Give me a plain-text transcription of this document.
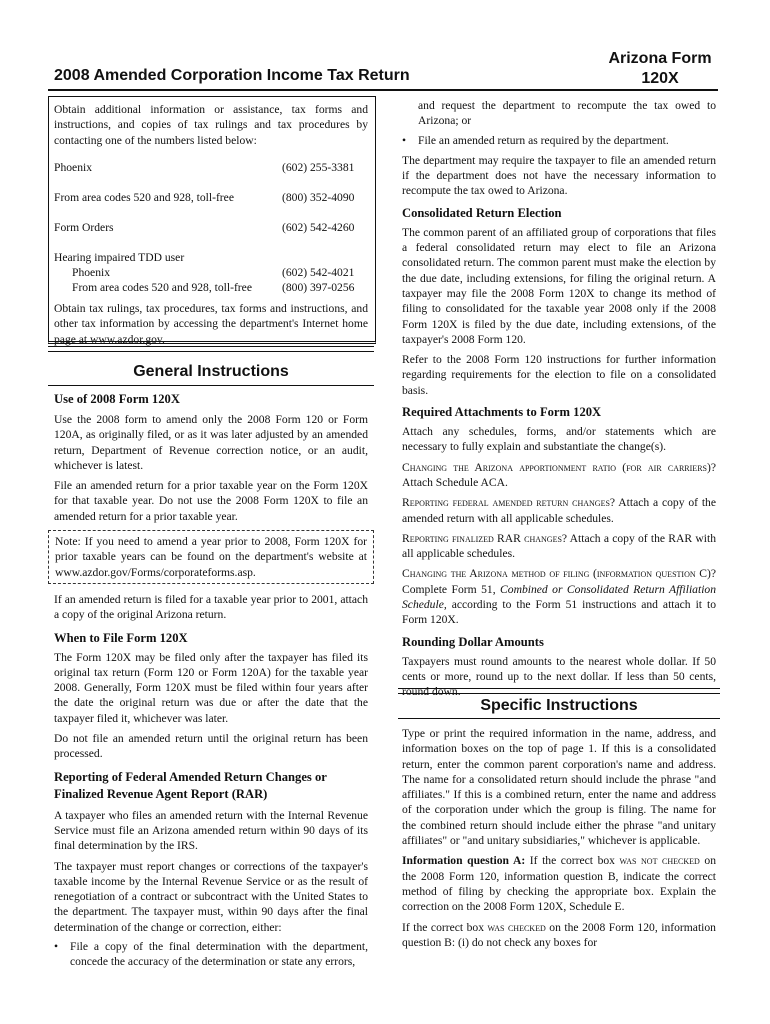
2008 Amended Corporation Income Tax Return
Arizona Form
120X

Obtain additional information or assistance, tax forms and instructions, and copies of tax rulings and tax procedures by contacting one of the numbers listed below:

Phoenix	(602) 255-3381
From area codes 520 and 928, toll-free	(800) 352-4090
Form Orders	(602) 542-4260
Hearing impaired TDD user
Phoenix	(602) 542-4021
From area codes 520 and 928, toll-free	(800) 397-0256

Obtain tax rulings, tax procedures, tax forms and instructions, and other tax information by accessing the department's Internet home page at www.azdor.gov.

General Instructions
Use of 2008 Form 120X

Use the 2008 form to amend only the 2008 Form 120 or Form 120A, as originally filed, or as it was later adjusted by an amended return, Department of Revenue correction notice, or an audit, whichever is latest.

File an amended return for a prior taxable year on the Form 120X for that taxable year. Do not use the 2008 Form 120X to file an amended return for a prior taxable year.

Note: If you need to amend a year prior to 2008, Form 120X for prior taxable years can be found on the department's website at www.azdor.gov/Forms/corporateforms.asp.

If an amended return is filed for a taxable year prior to 2001, attach a copy of the original Arizona return.

When to File Form 120X

The Form 120X may be filed only after the taxpayer has filed its original tax return (Form 120 or Form 120A) for the taxable year 2008. Generally, Form 120X must be filed within four years after the date the original return was due or after the date that the taxpayer filed it, whichever was later.

Do not file an amended return until the original return has been processed.

Reporting of Federal Amended Return Changes or Finalized Revenue Agent Report (RAR)

A taxpayer who files an amended return with the Internal Revenue Service must file an Arizona amended return within 90 days of its final determination by the IRS.

The taxpayer must report changes or corrections of the taxpayer's taxable income by the Internal Revenue Service or as the result of renegotiation of a contract or subcontract with the United States to the department. The taxpayer must, within 90 days after the final determination of the change or correction, either:

• File a copy of the final determination with the department, concede the accuracy of the determination or state any errors,

and request the department to recompute the tax owed to Arizona; or

• File an amended return as required by the department.

The department may require the taxpayer to file an amended return if the department does not have the necessary information to recompute the tax owed to Arizona.

Consolidated Return Election

The common parent of an affiliated group of corporations that files a federal consolidated return may elect to file an Arizona consolidated return. The common parent must make the election by the due date, including extensions, for filing the original return. A taxpayer may file the 2008 Form 120X to change its method of filing to consolidated for the taxable year 2008 only if the 2008 Form 120X is filed by the due date, including extensions, of the taxpayer's 2008 Form 120.

Refer to the 2008 Form 120 instructions for further information regarding requirements for the election to file on a consolidated basis.

Required Attachments to Form 120X

Attach any schedules, forms, and/or statements which are necessary to fully explain and substantiate the change(s).

Changing the Arizona apportionment ratio (for air carriers)? Attach Schedule ACA.

Reporting federal amended return changes? Attach a copy of the amended return with all applicable schedules.

Reporting finalized RAR changes? Attach a copy of the RAR with all applicable schedules.

Changing the Arizona method of filing (information question C)? Complete Form 51, Combined or Consolidated Return Affiliation Schedule, according to the Form 51 instructions and attach it to Form 120X.

Rounding Dollar Amounts

Taxpayers must round amounts to the nearest whole dollar. If 50 cents or more, round up to the next dollar. If less than 50 cents, round down.

Specific Instructions

Type or print the required information in the name, address, and information boxes on the top of page 1. If this is a consolidated return, enter the common parent corporation's name and address. The name for a consolidated return should include the phrase "and affiliates." If this is a combined return, enter the name and address of the corporation under which the group is filing. The name for the combined return should include either the phrase "and unitary affiliates" or "and unitary subsidiaries," whichever is applicable.

Information question A: If the correct box was not checked on the 2008 Form 120, information question B, indicate the correct method of filing by checking the appropriate box. Explain the correction on the 2008 Form 120X, Schedule E.

If the correct box was checked on the 2008 Form 120, information question B: (i) do not check any boxes for
